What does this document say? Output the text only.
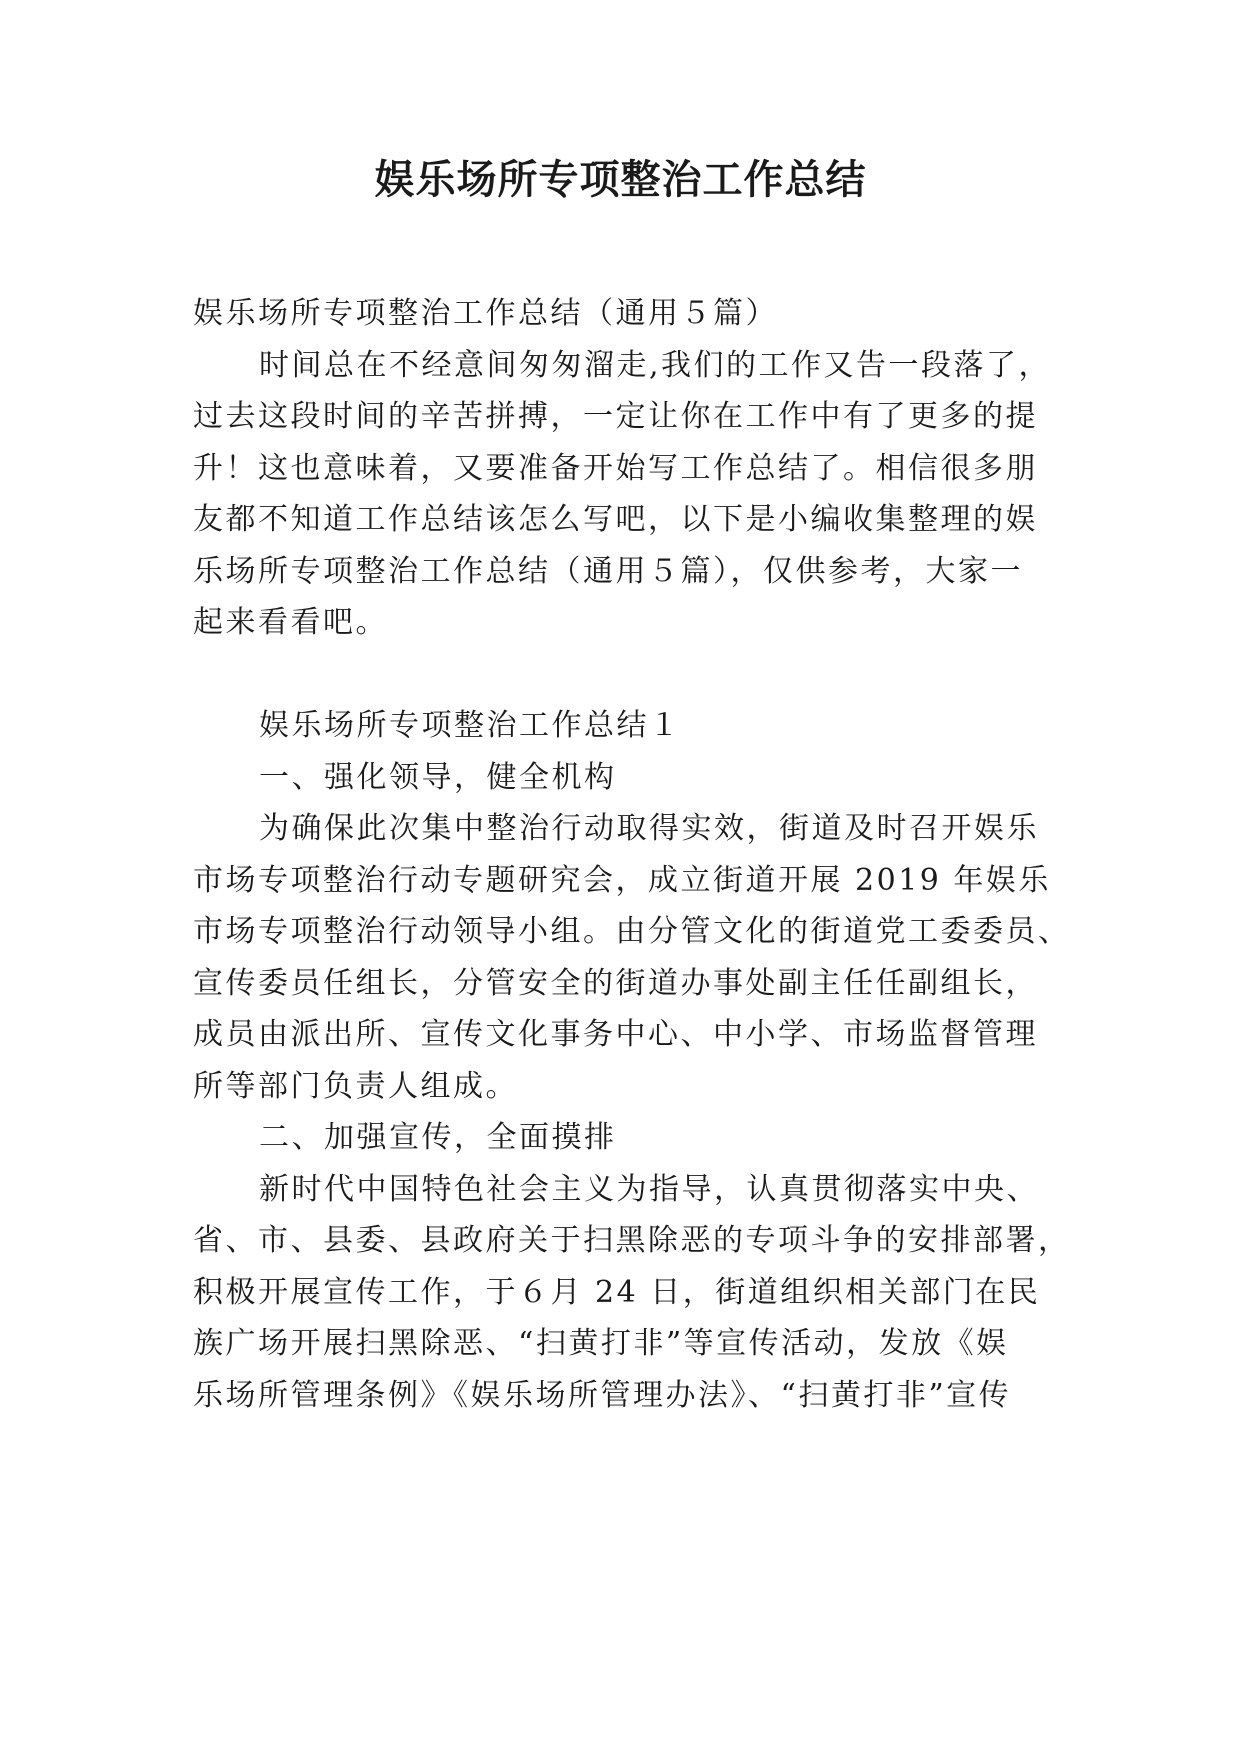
娱乐场所专项整治工作总结
娱乐场所专项整治工作总结（通用５篇）
时间总在不经意间匆匆溜走,我们的工作又告一段落了，
过去这段时间的辛苦拼搏，一定让你在工作中有了更多的提
升！这也意味着，又要准备开始写工作总结了。相信很多朋
友都不知道工作总结该怎么写吧，以下是小编收集整理的娱
乐场所专项整治工作总结（通用５篇），仅供参考，大家一
起来看看吧。
娱乐场所专项整治工作总结１
一、强化领导，健全机构
为确保此次集中整治行动取得实效，街道及时召开娱乐
市场专项整治行动专题研究会，成立街道开展 2019 年娱乐
市场专项整治行动领导小组。由分管文化的街道党工委委员、
宣传委员任组长，分管安全的街道办事处副主任任副组长，
成员由派出所、宣传文化事务中心、中小学、市场监督管理
所等部门负责人组成。
二、加强宣传，全面摸排
新时代中国特色社会主义为指导，认真贯彻落实中央、
省、市、县委、县政府关于扫黑除恶的专项斗争的安排部署，
积极开展宣传工作，于６月 24 日，街道组织相关部门在民
族广场开展扫黑除恶、“扫黄打非”等宣传活动，发放《娱
乐场所管理条例》《娱乐场所管理办法》、“扫黄打非”宣传
